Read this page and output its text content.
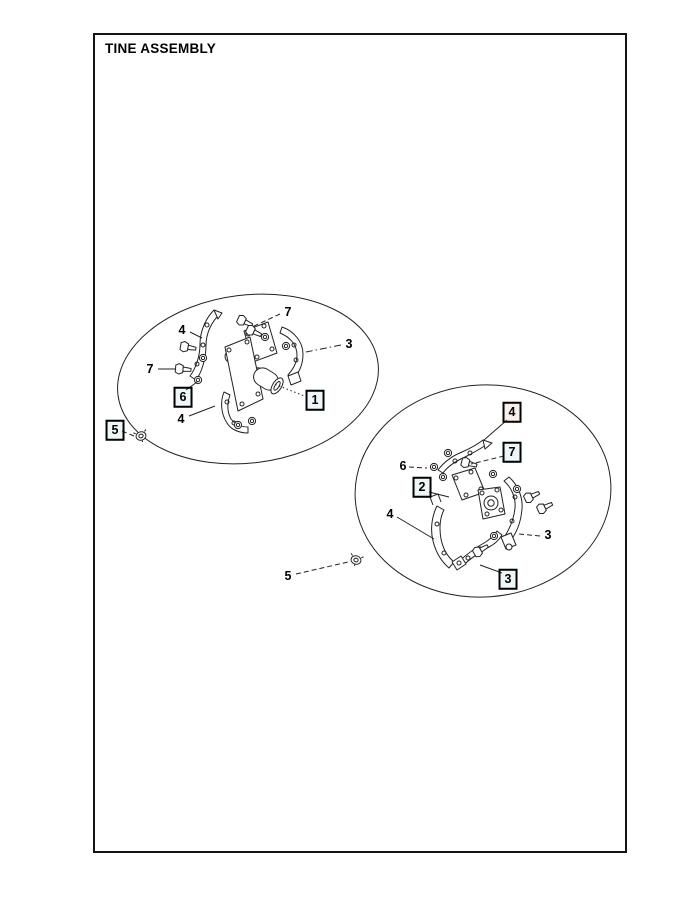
TINE ASSEMBLY
4
7
3
7
6	1
4
5
4
7
6
2
4
3
3
5
